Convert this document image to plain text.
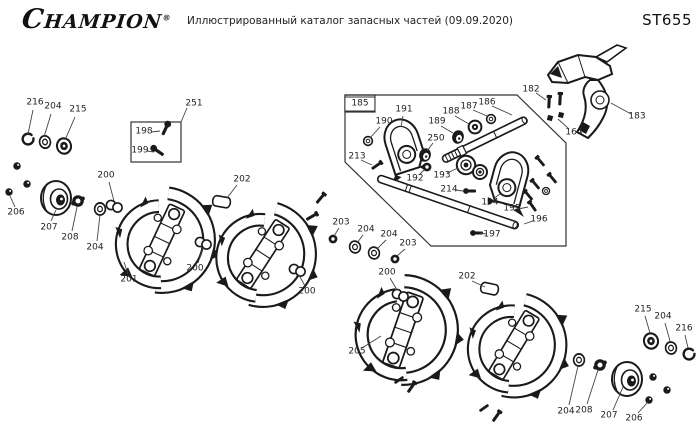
CHAMPION®	Иллюстрированный каталог запасных частей (09.09.2020)	ST655
216 204 215
251
198
199
206
207
208
204
200
201
200
202
200
203
204 204
203
200	202
205
185
191
190	189
188 187 186
250
213
192 193
214
194
195
196
197
182
164
183
215
204
216
204 208 207 206
